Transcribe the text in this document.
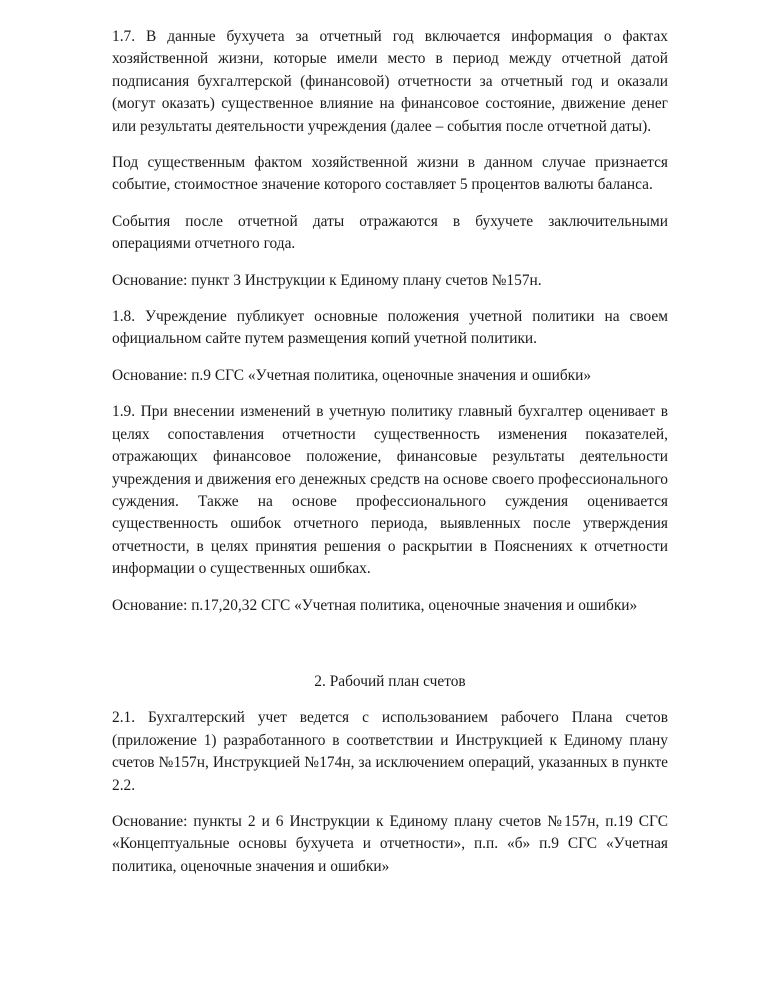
1.7. В данные бухучета за отчетный год включается информация о фактах хозяйственной жизни, которые имели место в период между отчетной датой подписания бухгалтерской (финансовой) отчетности за отчетный год и оказали (могут оказать) существенное влияние на финансовое состояние, движение денег или результаты деятельности учреждения (далее – события после отчетной даты).

Под существенным фактом хозяйственной жизни в данном случае признается событие, стоимостное значение которого составляет 5 процентов валюты баланса.

События после отчетной даты отражаются в бухучете заключительными операциями отчетного года.

Основание: пункт 3 Инструкции к Единому плану счетов №157н.

1.8. Учреждение публикует основные положения учетной политики на своем официальном сайте путем размещения копий учетной политики.

Основание: п.9 СГС «Учетная политика, оценочные значения и ошибки»

1.9. При внесении изменений в учетную политику главный бухгалтер оценивает в целях сопоставления отчетности существенность изменения показателей, отражающих финансовое положение, финансовые результаты деятельности учреждения и движения его денежных средств на основе своего профессионального суждения. Также на основе профессионального суждения оценивается существенность ошибок отчетного периода, выявленных после утверждения отчетности, в целях принятия решения о раскрытии в Пояснениях к отчетности информации о существенных ошибках.

Основание: п.17,20,32 СГС «Учетная политика, оценочные значения и ошибки»

2. Рабочий план счетов

2.1. Бухгалтерский учет ведется с использованием рабочего Плана счетов (приложение 1) разработанного в соответствии и Инструкцией к Единому плану счетов №157н, Инструкцией №174н, за исключением операций, указанных в пункте 2.2.

Основание: пункты 2 и 6 Инструкции к Единому плану счетов №157н, п.19 СГС «Концептуальные основы бухучета и отчетности», п.п. «б» п.9 СГС «Учетная политика, оценочные значения и ошибки»
